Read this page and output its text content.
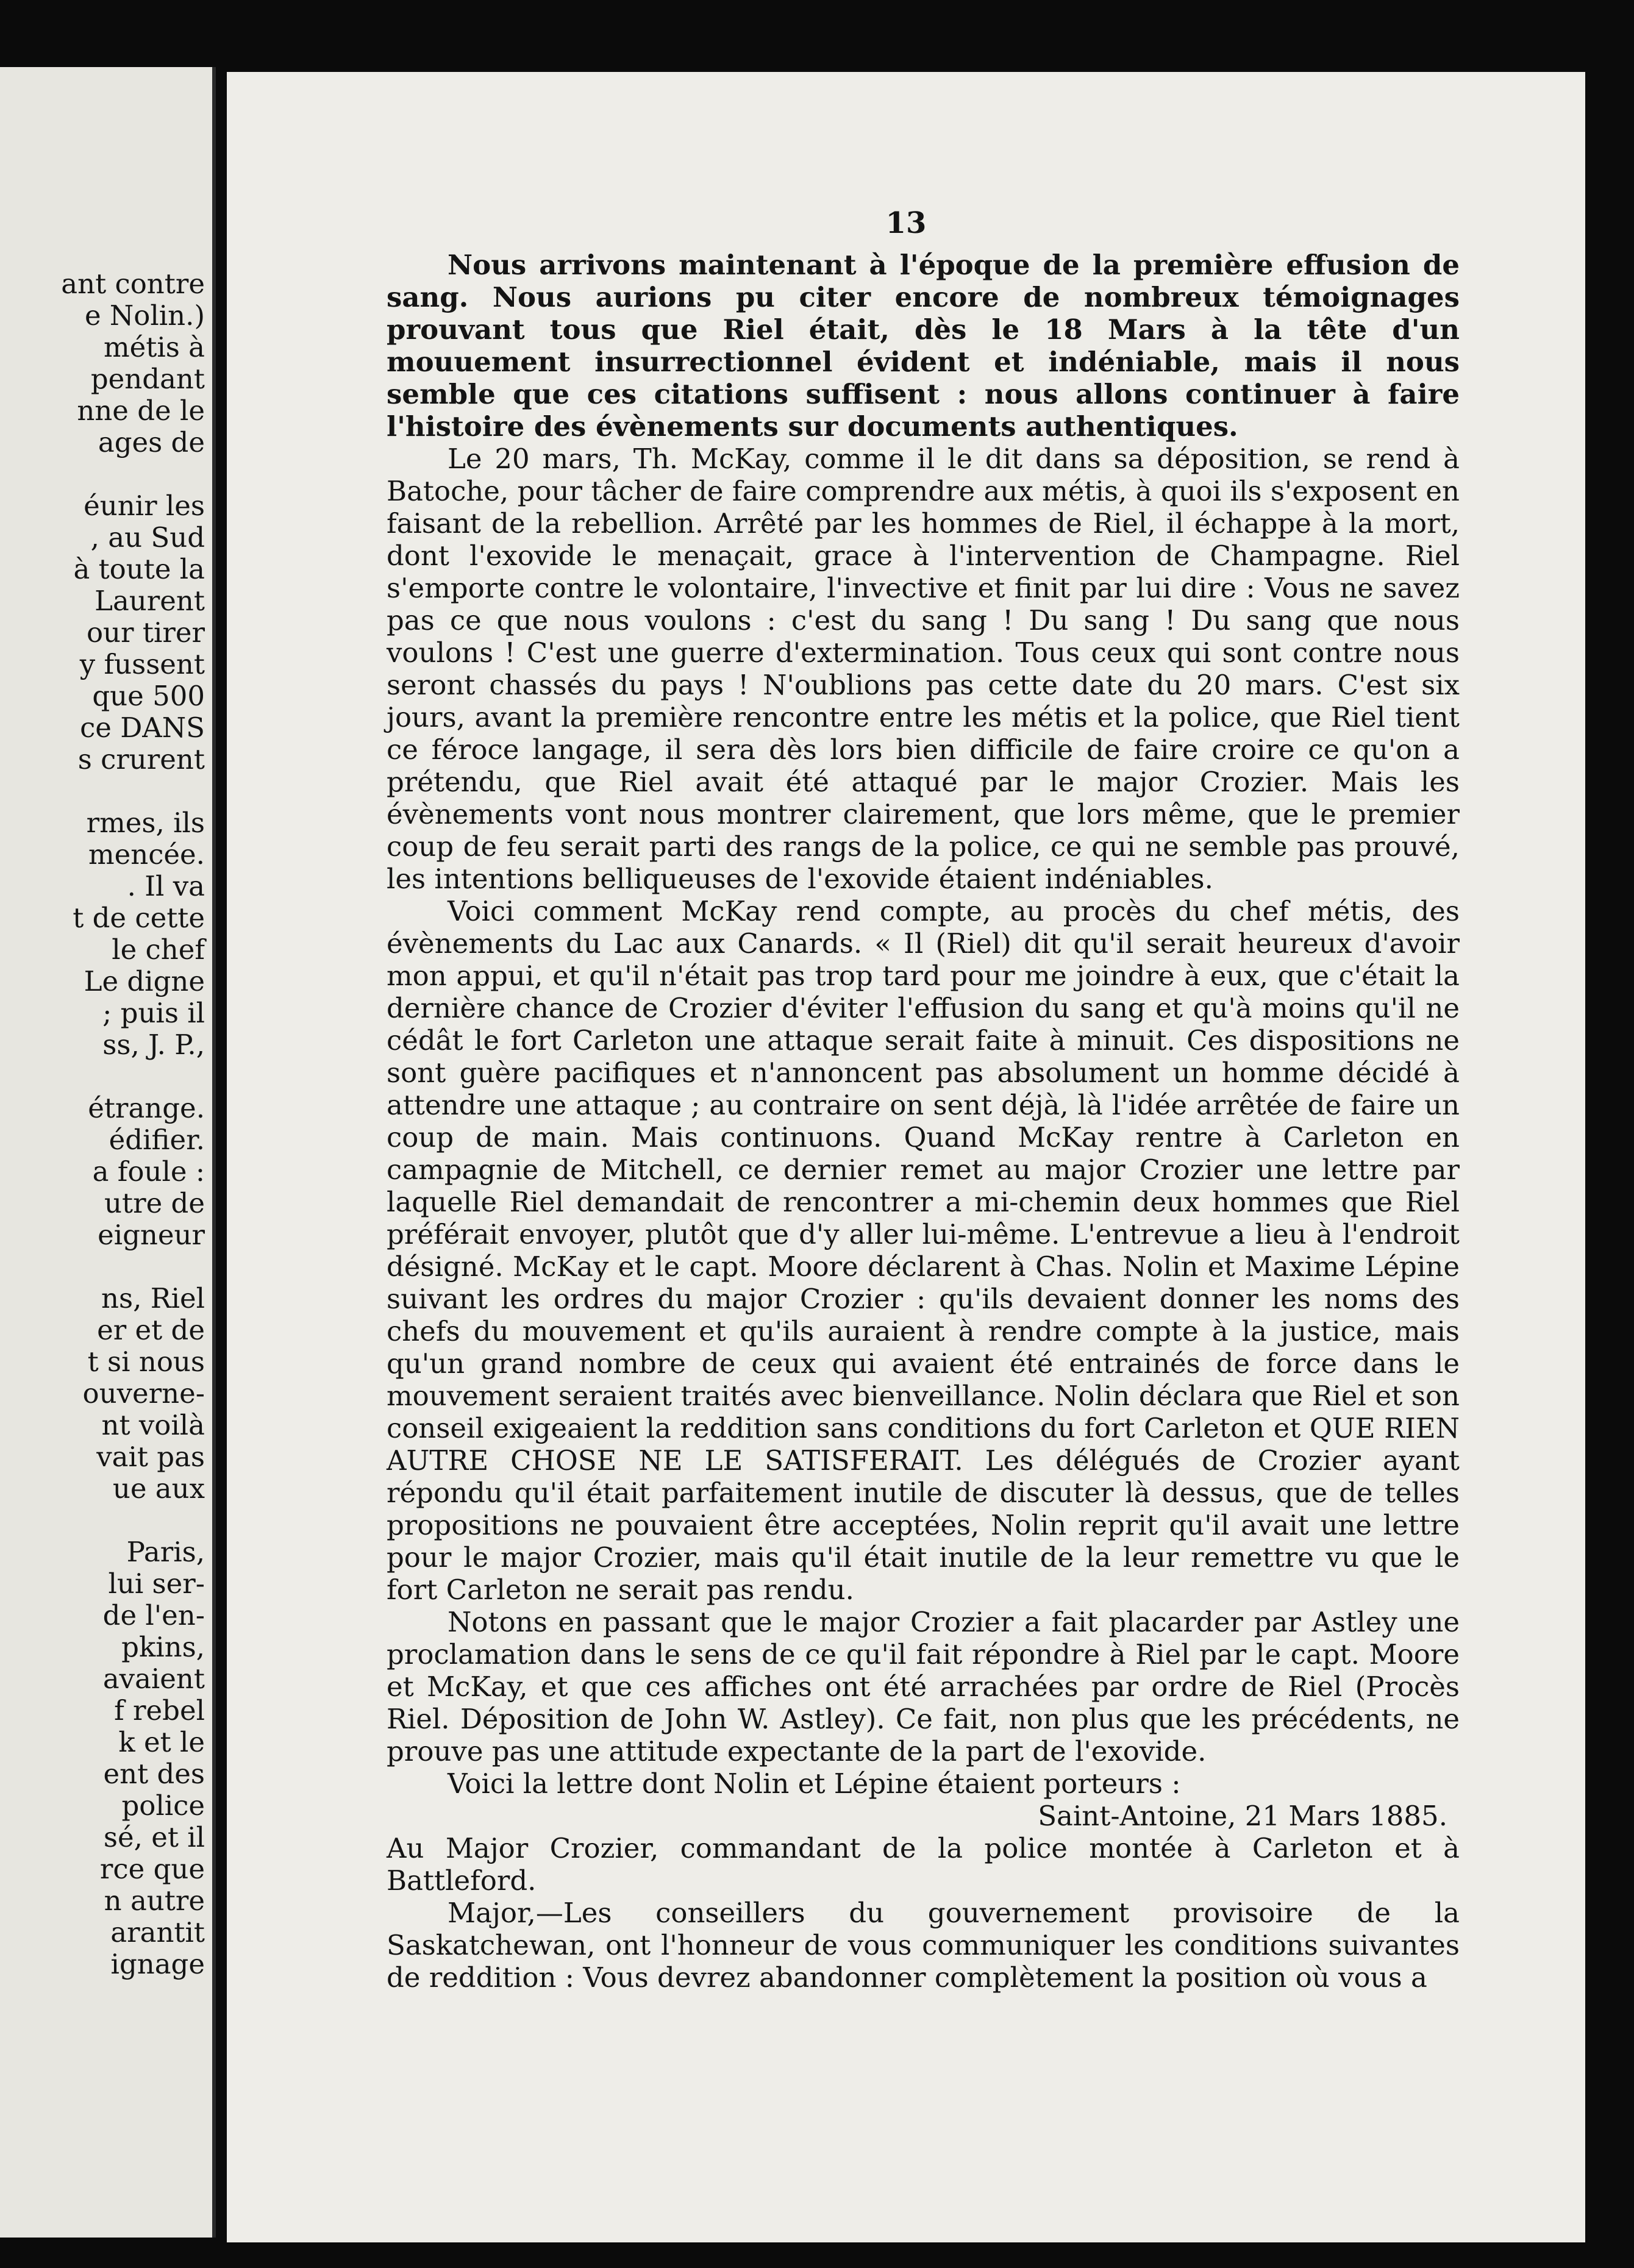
ant contre
e Nolin.)
métis à
pendant
nne de le
ages de
éunir les
, au Sud
à toute la
Laurent
our tirer
y fussent
que 500
ce DANS
s crurent
rmes, ils
mencée.
. Il va
t de cette
le chef
Le digne
; puis il
ss, J. P.,
étrange.
édifier.
a foule :
utre de
eigneur
ns, Riel
er et de
t si nous
ouverne-
nt voilà
vait pas
ue aux
Paris,
lui ser-
de l'en-
pkins,
avaient
f rebel
k et le
ent des
police
sé, et il
rce que
n autre
arantit
ignage
13

Nous arrivons maintenant à l'époque de la première effusion de sang. Nous aurions pu citer encore de nombreux témoignages prouvant tous que Riel était, dès le 18 Mars à la tête d'un mouuement insurrectionnel évident et indéniable, mais il nous semble que ces citations suffisent : nous allons continuer à faire l'histoire des évènements sur documents authentiques.

Le 20 mars, Th. McKay, comme il le dit dans sa déposition, se rend à Batoche, pour tâcher de faire comprendre aux métis, à quoi ils s'exposent en faisant de la rebellion. Arrêté par les hommes de Riel, il échappe à la mort, dont l'exovide le menaçait, grace à l'intervention de Champagne. Riel s'emporte contre le volontaire, l'invective et finit par lui dire : Vous ne savez pas ce que nous voulons : c'est du sang ! Du sang ! Du sang que nous voulons ! C'est une guerre d'extermination. Tous ceux qui sont contre nous seront chassés du pays ! N'oublions pas cette date du 20 mars. C'est six jours, avant la première rencontre entre les métis et la police, que Riel tient ce féroce langage, il sera dès lors bien difficile de faire croire ce qu'on a prétendu, que Riel avait été attaqué par le major Crozier. Mais les évènements vont nous montrer clairement, que lors même, que le premier coup de feu serait parti des rangs de la police, ce qui ne semble pas prouvé, les intentions belliqueuses de l'exovide étaient indéniables.

Voici comment McKay rend compte, au procès du chef métis, des évènements du Lac aux Canards. « Il (Riel) dit qu'il serait heureux d'avoir mon appui, et qu'il n'était pas trop tard pour me joindre à eux, que c'était la dernière chance de Crozier d'éviter l'effusion du sang et qu'à moins qu'il ne cédât le fort Carleton une attaque serait faite à minuit. Ces dispositions ne sont guère pacifiques et n'annoncent pas absolument un homme décidé à attendre une attaque ; au contraire on sent déjà, là l'idée arrêtée de faire un coup de main. Mais continuons. Quand McKay rentre à Carleton en campagnie de Mitchell, ce dernier remet au major Crozier une lettre par laquelle Riel demandait de rencontrer a mi-chemin deux hommes que Riel préférait envoyer, plutôt que d'y aller lui-même. L'entrevue a lieu à l'endroit désigné. McKay et le capt. Moore déclarent à Chas. Nolin et Maxime Lépine suivant les ordres du major Crozier : qu'ils devaient donner les noms des chefs du mouvement et qu'ils auraient à rendre compte à la justice, mais qu'un grand nombre de ceux qui avaient été entrainés de force dans le mouvement seraient traités avec bienveillance. Nolin déclara que Riel et son conseil exigeaient la reddition sans conditions du fort Carleton et QUE RIEN AUTRE CHOSE NE LE SATISFERAIT. Les délégués de Crozier ayant répondu qu'il était parfaitement inutile de discuter là dessus, que de telles propositions ne pouvaient être acceptées, Nolin reprit qu'il avait une lettre pour le major Crozier, mais qu'il était inutile de la leur remettre vu que le fort Carleton ne serait pas rendu.

Notons en passant que le major Crozier a fait placarder par Astley une proclamation dans le sens de ce qu'il fait répondre à Riel par le capt. Moore et McKay, et que ces affiches ont été arrachées par ordre de Riel (Procès Riel. Déposition de John W. Astley). Ce fait, non plus que les précédents, ne prouve pas une attitude expectante de la part de l'exovide.

Voici la lettre dont Nolin et Lépine étaient porteurs :

Saint-Antoine, 21 Mars 1885.

Au Major Crozier, commandant de la police montée à Carleton et à Battleford.

Major,—Les conseillers du gouvernement provisoire de la Saskatchewan, ont l'honneur de vous communiquer les conditions suivantes de reddition : Vous devrez abandonner complètement la position où vous a
